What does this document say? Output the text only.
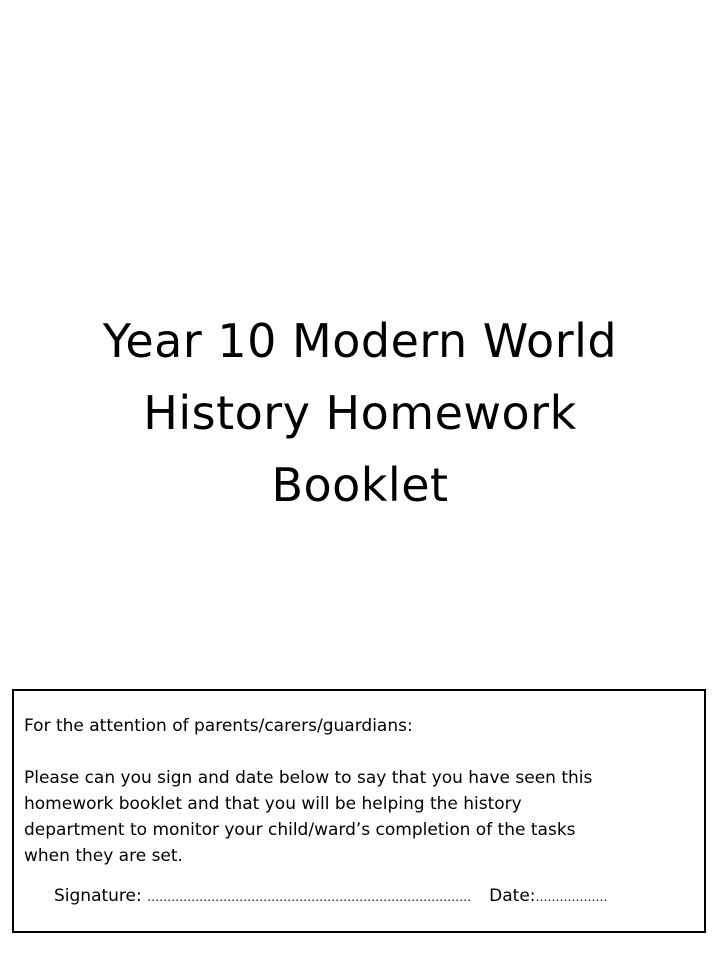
Year 10 Modern World
History Homework
Booklet
For the attention of parents/carers/guardians:
Please can you sign and date below to say that you have seen this
homework booklet and that you will be helping the history
department to monitor your child/ward’s completion of the tasks
when they are set.
Signature: ……………………………………………………………………… Date:………………
